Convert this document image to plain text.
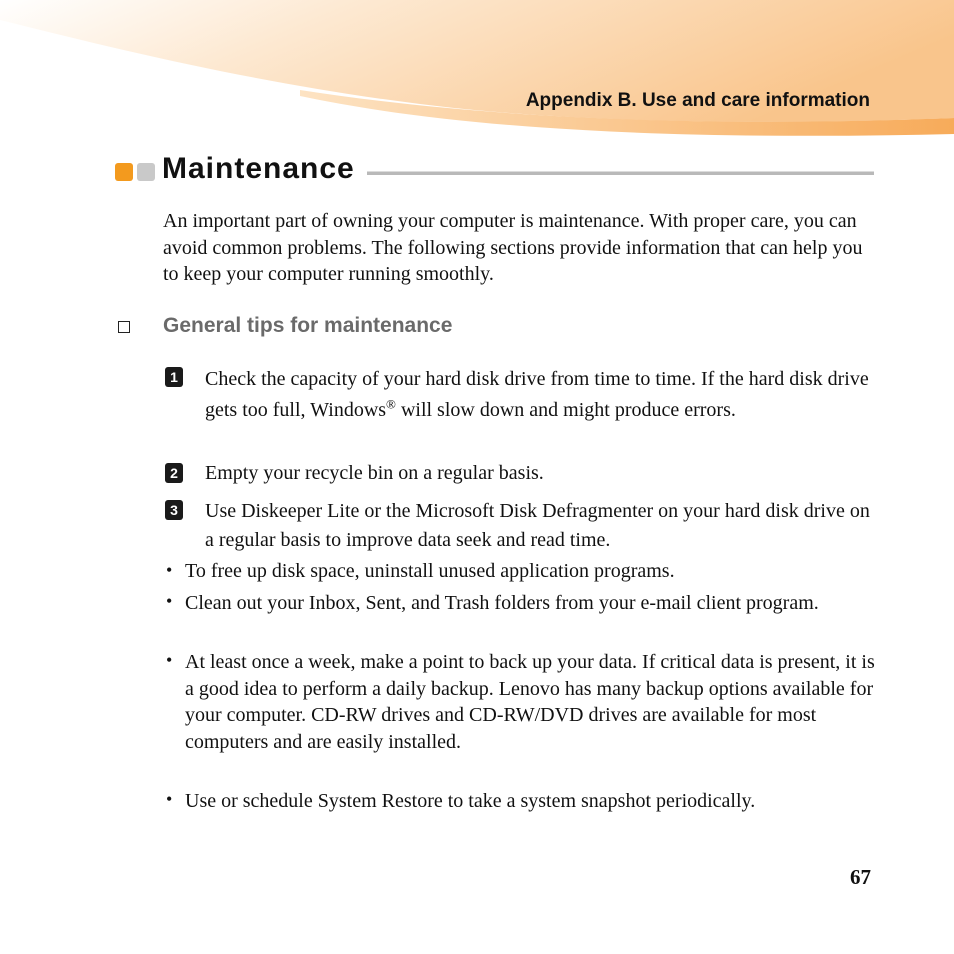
Appendix B. Use and care information
Maintenance
An important part of owning your computer is maintenance. With proper care, you can avoid common problems. The following sections provide information that can help you to keep your computer running smoothly.
General tips for maintenance
1 Check the capacity of your hard disk drive from time to time. If the hard disk drive gets too full, Windows® will slow down and might produce errors.
2 Empty your recycle bin on a regular basis.
3 Use Diskeeper Lite or the Microsoft Disk Defragmenter on your hard disk drive on a regular basis to improve data seek and read time.
• To free up disk space, uninstall unused application programs.
• Clean out your Inbox, Sent, and Trash folders from your e-mail client program.
• At least once a week, make a point to back up your data. If critical data is present, it is a good idea to perform a daily backup. Lenovo has many backup options available for your computer. CD-RW drives and CD-RW/DVD drives are available for most computers and are easily installed.
• Use or schedule System Restore to take a system snapshot periodically.
67
